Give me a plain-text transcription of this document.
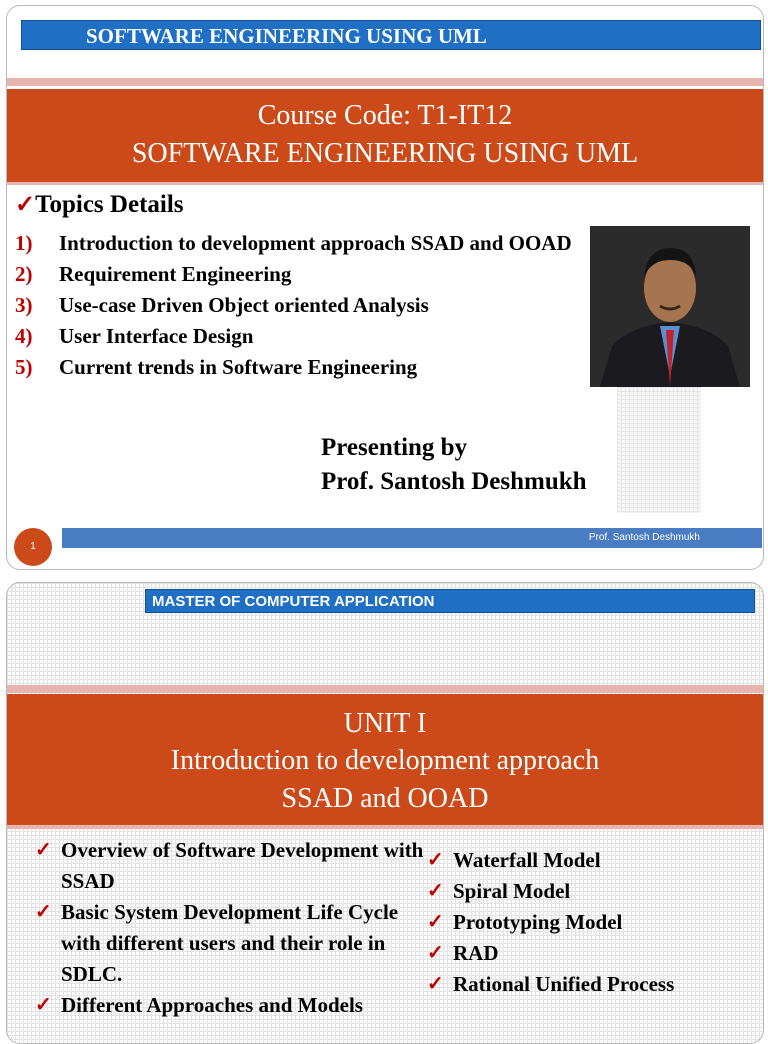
SOFTWARE ENGINEERING USING UML
Course Code: T1-IT12
SOFTWARE ENGINEERING USING UML
✓Topics Details
1)	Introduction to development approach SSAD and OOAD
2)	Requirement Engineering
3)	Use-case Driven Object oriented Analysis
4)	User Interface Design
5)	Current trends in Software Engineering
Presenting by
Prof. Santosh Deshmukh
Prof. Santosh Deshmukh
1
MASTER OF COMPUTER APPLICATION
UNIT I
Introduction to development approach
SSAD and OOAD
✓ Overview of Software Development with SSAD
✓ Basic System Development Life Cycle with different users and their role in SDLC.
✓ Different Approaches and Models
✓ Waterfall Model
✓ Spiral Model
✓ Prototyping Model
✓ RAD
✓ Rational Unified Process
